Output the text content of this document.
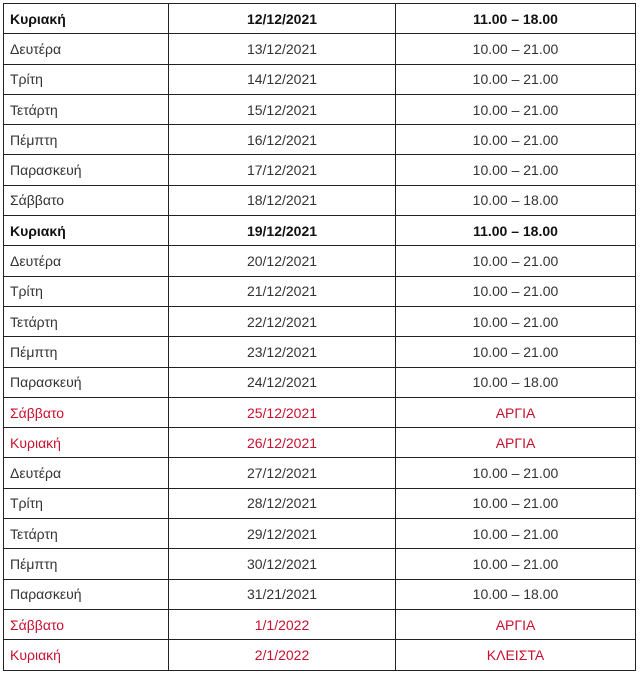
Κυριακή	12/12/2021	11.00 – 18.00
Δευτέρα	13/12/2021	10.00 – 21.00
Τρίτη	14/12/2021	10.00 – 21.00
Τετάρτη	15/12/2021	10.00 – 21.00
Πέμπτη	16/12/2021	10.00 – 21.00
Παρασκευή	17/12/2021	10.00 – 21.00
Σάββατο	18/12/2021	10.00 – 18.00
Κυριακή	19/12/2021	11.00 – 18.00
Δευτέρα	20/12/2021	10.00 – 21.00
Τρίτη	21/12/2021	10.00 – 21.00
Τετάρτη	22/12/2021	10.00 – 21.00
Πέμπτη	23/12/2021	10.00 – 21.00
Παρασκευή	24/12/2021	10.00 – 18.00
Σάββατο	25/12/2021	ΑΡΓΙΑ
Κυριακή	26/12/2021	ΑΡΓΙΑ
Δευτέρα	27/12/2021	10.00 – 21.00
Τρίτη	28/12/2021	10.00 – 21.00
Τετάρτη	29/12/2021	10.00 – 21.00
Πέμπτη	30/12/2021	10.00 – 21.00
Παρασκευή	31/21/2021	10.00 – 18.00
Σάββατο	1/1/2022	ΑΡΓΙΑ
Κυριακή	2/1/2022	ΚΛΕΙΣΤΑ
